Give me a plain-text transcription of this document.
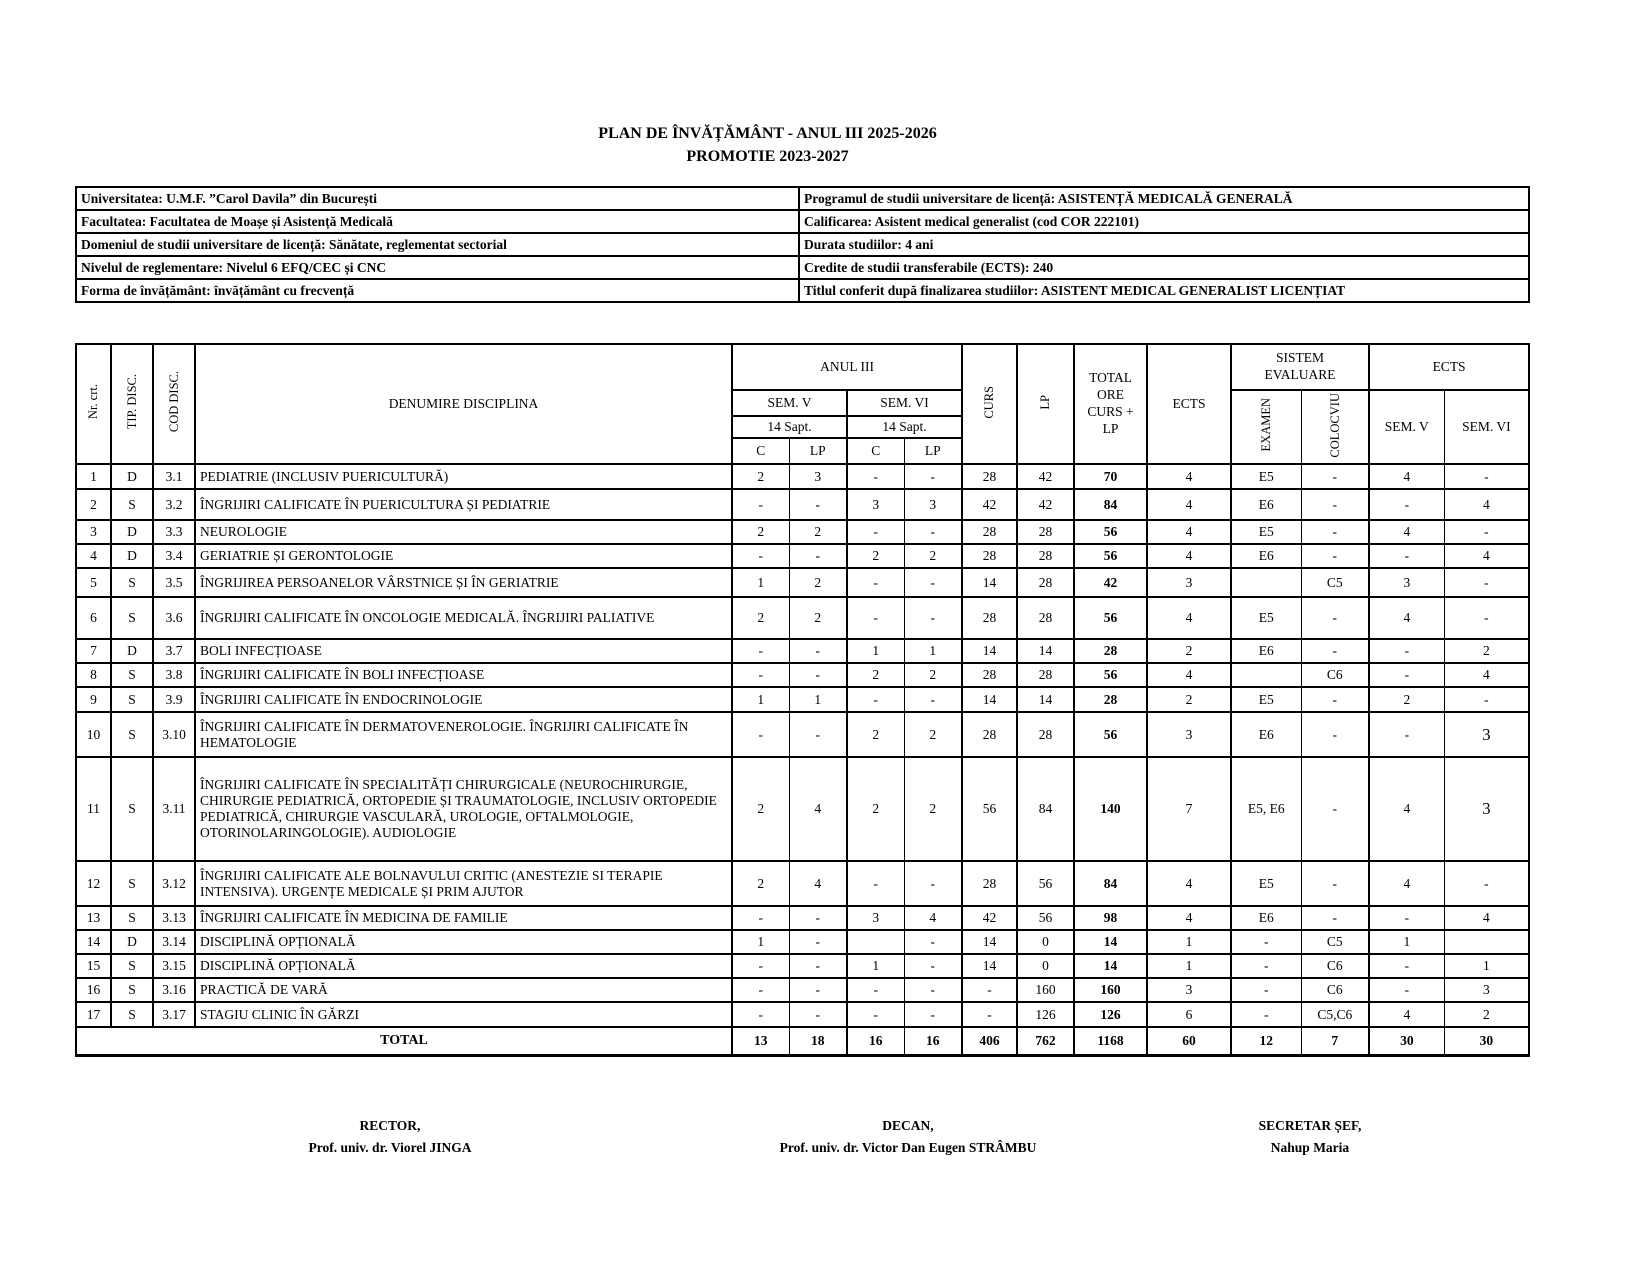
PLAN DE ÎNVĂȚĂMÂNT - ANUL III 2025-2026
PROMOTIE 2023-2027
Universitatea: U.M.F. ”Carol Davila” din București	Programul de studii universitare de licență: ASISTENȚĂ MEDICALĂ GENERALĂ
Facultatea: Facultatea de Moașe și Asistență Medicală	Calificarea: Asistent medical generalist (cod COR 222101)
Domeniul de studii universitare de licență: Sănătate, reglementat sectorial	Durata studiilor: 4 ani
Nivelul de reglementare: Nivelul 6 EFQ/CEC și CNC	Credite de studii transferabile (ECTS): 240
Forma de învățământ: învățământ cu frecvență	Titlul conferit după finalizarea studiilor: ASISTENT MEDICAL GENERALIST LICENȚIAT
Nr. crt.	TIP. DISC.	COD DISC.	DENUMIRE DISCIPLINA	ANUL III				CURS	LP	TOTAL ORE CURS + LP	ECTS	SISTEM EVALUARE		ECTS	
				SEM. V		SEM. VI						EXAMEN	COLOCVIU	SEM. V	SEM. VI
				14 Sapt.		14 Sapt.									
				C	LP	C	LP								
1	D	3.1	PEDIATRIE (INCLUSIV PUERICULTURĂ)	2	3	-	-	28	42	70	4	E5	-	4	-
2	S	3.2	ÎNGRIJIRI CALIFICATE ÎN PUERICULTURA ȘI PEDIATRIE	-	-	3	3	42	42	84	4	E6	-	-	4
3	D	3.3	NEUROLOGIE	2	2	-	-	28	28	56	4	E5	-	4	-
4	D	3.4	GERIATRIE ȘI GERONTOLOGIE	-	-	2	2	28	28	56	4	E6	-	-	4
5	S	3.5	ÎNGRIJIREA PERSOANELOR VÂRSTNICE ȘI ÎN GERIATRIE	1	2	-	-	14	28	42	3		C5	3	-
6	S	3.6	ÎNGRIJIRI CALIFICATE ÎN ONCOLOGIE MEDICALĂ. ÎNGRIJIRI PALIATIVE	2	2	-	-	28	28	56	4	E5	-	4	-
7	D	3.7	BOLI INFECȚIOASE	-	-	1	1	14	14	28	2	E6	-	-	2
8	S	3.8	ÎNGRIJIRI CALIFICATE ÎN BOLI INFECȚIOASE	-	-	2	2	28	28	56	4		C6	-	4
9	S	3.9	ÎNGRIJIRI CALIFICATE ÎN ENDOCRINOLOGIE	1	1	-	-	14	14	28	2	E5	-	2	-
10	S	3.10	ÎNGRIJIRI CALIFICATE ÎN DERMATOVENEROLOGIE. ÎNGRIJIRI CALIFICATE ÎN HEMATOLOGIE	-	-	2	2	28	28	56	3	E6	-	-	3
11	S	3.11	ÎNGRIJIRI CALIFICATE ÎN SPECIALITĂȚI CHIRURGICALE (NEUROCHIRURGIE, CHIRURGIE PEDIATRICĂ, ORTOPEDIE ȘI TRAUMATOLOGIE, INCLUSIV ORTOPEDIE PEDIATRICĂ, CHIRURGIE VASCULARĂ, UROLOGIE, OFTALMOLOGIE, OTORINOLARINGOLOGIE). AUDIOLOGIE	2	4	2	2	56	84	140	7	E5, E6	-	4	3
12	S	3.12	ÎNGRIJIRI CALIFICATE ALE BOLNAVULUI CRITIC (ANESTEZIE SI TERAPIE INTENSIVA). URGENȚE MEDICALE ȘI PRIM AJUTOR	2	4	-	-	28	56	84	4	E5	-	4	-
13	S	3.13	ÎNGRIJIRI CALIFICATE ÎN MEDICINA DE FAMILIE	-	-	3	4	42	56	98	4	E6	-	-	4
14	D	3.14	DISCIPLINĂ OPȚIONALĂ	1	-		-	14	0	14	1	-	C5	1	
15	S	3.15	DISCIPLINĂ OPȚIONALĂ	-	-	1	-	14	0	14	1	-	C6	-	1
16	S	3.16	PRACTICĂ DE VARĂ	-	-	-	-	-	160	160	3	-	C6	-	3
17	S	3.17	STAGIU CLINIC ÎN GĂRZI	-	-	-	-	-	126	126	6	-	C5,C6	4	2
TOTAL				13	18	16	16	406	762	1168	60	12	7	30	30
RECTOR,
Prof. univ. dr. Viorel JINGA
DECAN,
Prof. univ. dr. Victor Dan Eugen STRÂMBU
SECRETAR ȘEF,
Nahup Maria
